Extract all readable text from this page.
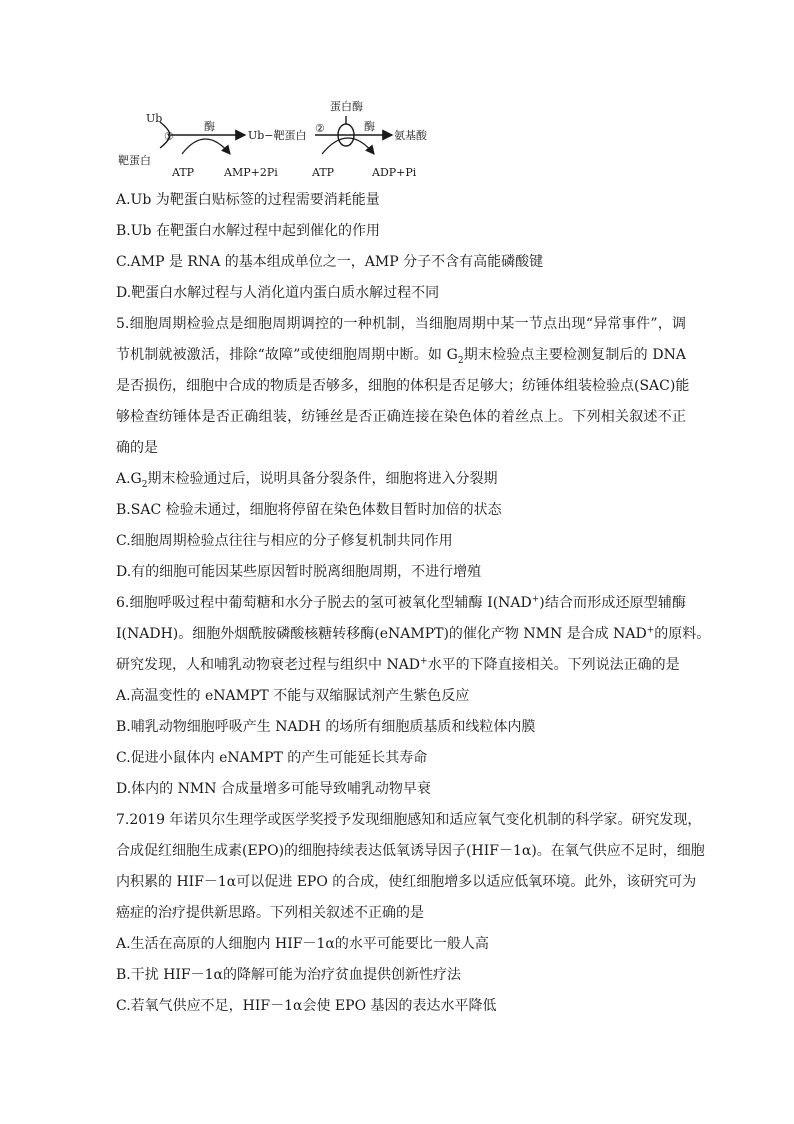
Ub
靶蛋白
①
酶
ATP	AMP+2Pi
Ub−靶蛋白
②
蛋白酶
酶
氨基酸
ATP	ADP+Pi
A.Ub 为靶蛋白贴标签的过程需要消耗能量
B.Ub 在靶蛋白水解过程中起到催化的作用
C.AMP 是 RNA 的基本组成单位之一，AMP 分子不含有高能磷酸键
D.靶蛋白水解过程与人消化道内蛋白质水解过程不同
5.细胞周期检验点是细胞周期调控的一种机制，当细胞周期中某一节点出现“异常事件”，调
节机制就被激活，排除“故障”或使细胞周期中断。如 $G_2$期末检验点主要检测复制后的 DNA
是否损伤，细胞中合成的物质是否够多，细胞的体积是否足够大；纺锤体组装检验点(SAC)能
够检查纺锤体是否正确组装，纺锤丝是否正确连接在染色体的着丝点上。下列相关叙述不正
确的是
$A.G_2$期末检验通过后，说明具备分裂条件，细胞将进入分裂期
B.SAC 检验未通过，细胞将停留在染色体数目暂时加倍的状态
C.细胞周期检验点往往与相应的分子修复机制共同作用
D.有的细胞可能因某些原因暂时脱离细胞周期，不进行增殖
6.细胞呼吸过程中葡萄糖和水分子脱去的氢可被氧化型辅酶 I(NAD+)结合而形成还原型辅酶
I(NADH)。细胞外烟酰胺磷酸核糖转移酶(eNAMPT)的催化产物 NMN 是合成 NAD+的原料。
研究发现，人和哺乳动物衰老过程与组织中 NAD+水平的下降直接相关。下列说法正确的是
A.高温变性的 eNAMPT 不能与双缩脲试剂产生紫色反应
B.哺乳动物细胞呼吸产生 NADH 的场所有细胞质基质和线粒体内膜
C.促进小鼠体内 eNAMPT 的产生可能延长其寿命
D.体内的 NMN 合成量增多可能导致哺乳动物早衰
7.2019 年诺贝尔生理学或医学奖授予发现细胞感知和适应氧气变化机制的科学家。研究发现，
合成促红细胞生成素(EPO)的细胞持续表达低氧诱导因子(HIF－1α)。在氧气供应不足时，细胞
内积累的 HIF－1α可以促进 EPO 的合成，使红细胞增多以适应低氧环境。此外，该研究可为
癌症的治疗提供新思路。下列相关叙述不正确的是
A.生活在高原的人细胞内 HIF－1α的水平可能要比一般人高
B.干扰 HIF－1α的降解可能为治疗贫血提供创新性疗法
C.若氧气供应不足，HIF－1α会使 EPO 基因的表达水平降低
